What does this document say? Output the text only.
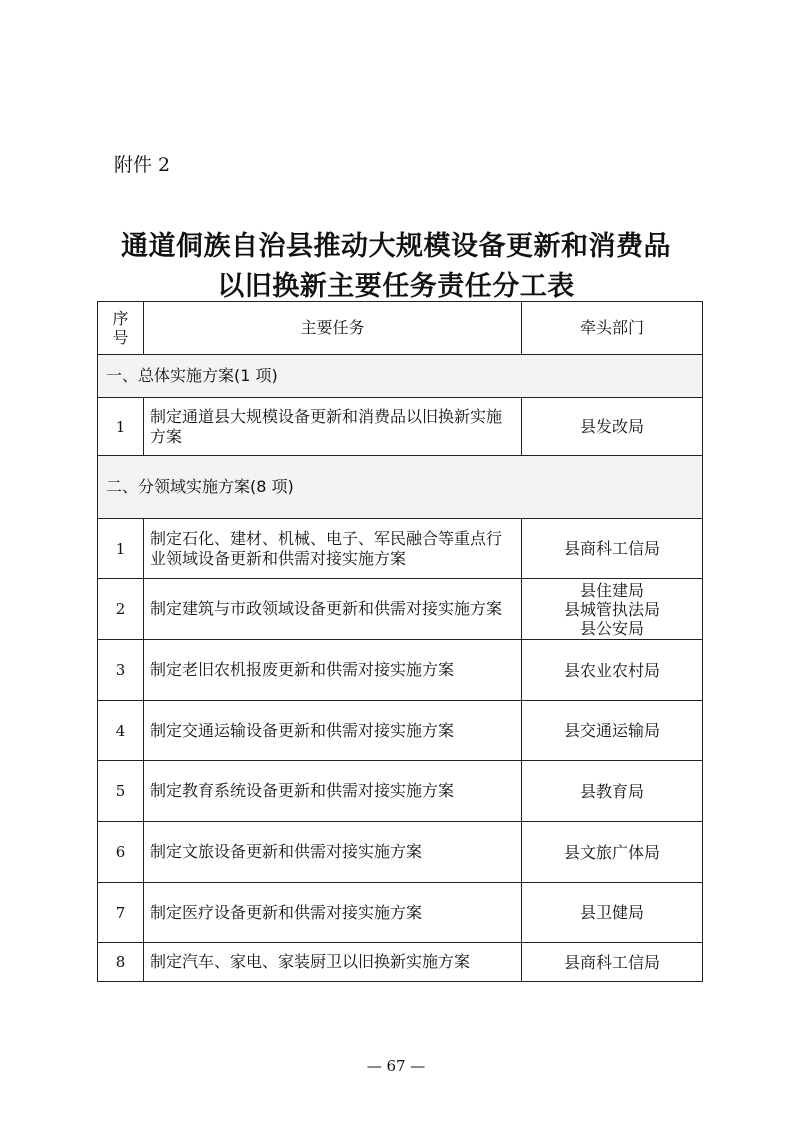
附件 2
通道侗族自治县推动大规模设备更新和消费品
以旧换新主要任务责任分工表
序
号	主要任务	牵头部门
一、总体实施方案(1 项)		
1	制定通道县大规模设备更新和消费品以旧换新实施方案	县发改局

二、分领域实施方案(8 项)		
1	制定石化、建材、机械、电子、军民融合等重点行业领域设备更新和供需对接实施方案	县商科工信局

2	制定建筑与市政领域设备更新和供需对接实施方案	县住建局
县城管执法局
县公安局

3	制定老旧农机报废更新和供需对接实施方案	县农业农村局

4	制定交通运输设备更新和供需对接实施方案	县交通运输局

5	制定教育系统设备更新和供需对接实施方案	县教育局

6	制定文旅设备更新和供需对接实施方案	县文旅广体局

7	制定医疗设备更新和供需对接实施方案	县卫健局

8	制定汽车、家电、家装厨卫以旧换新实施方案	县商科工信局
— 67 —
